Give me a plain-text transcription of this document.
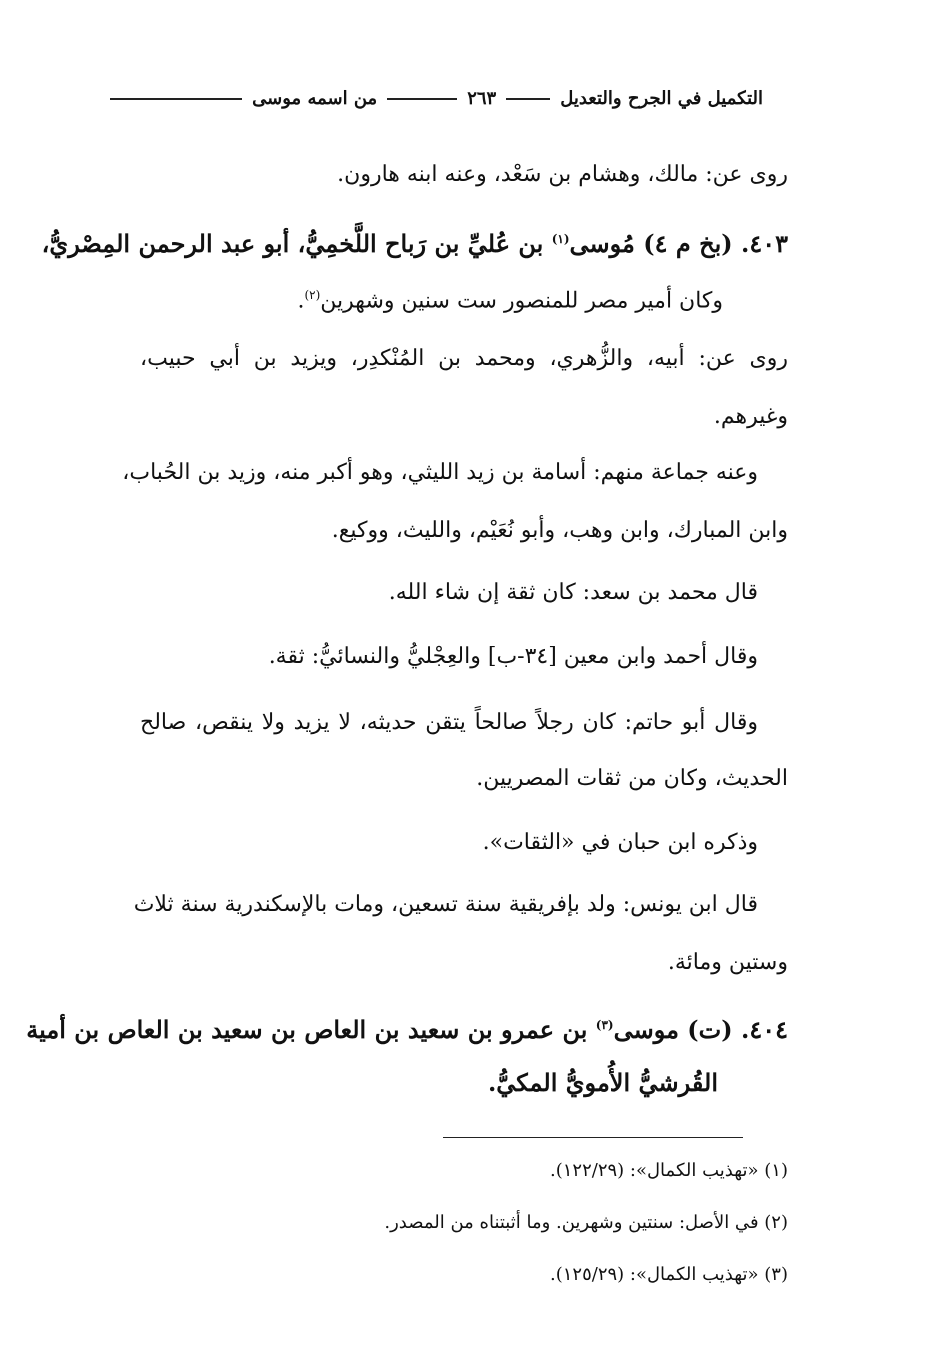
التكميل في الجرح والتعديل
٢٦٣
من اسمه موسى
روى عن: مالك، وهشام بن سَعْد، وعنه ابنه هارون.
٤٠٣. (بخ م ٤) مُوسى$^{(١)}$ بن عُليِّ بن رَباح اللَّخمِيُّ، أبو عبد الرحمن المِصْريُّ،
وكان أمير مصر للمنصور ست سنين وشهرين$^{(٢)}$.
روى عن: أبيه، والزُّهري، ومحمد بن المُنْكدِر، ويزيد بن أبي حبيب،
وغيرهم.
وعنه جماعة منهم: أسامة بن زيد الليثي، وهو أكبر منه، وزيد بن الحُباب،
وابن المبارك، وابن وهب، وأبو نُعَيْم، والليث، ووكيع.
قال محمد بن سعد: كان ثقة إن شاء الله.
وقال أحمد وابن معين [٣٤-ب] والعِجْليُّ والنسائيُّ: ثقة.
وقال أبو حاتم: كان رجلاً صالحاً يتقن حديثه، لا يزيد ولا ينقص، صالح
الحديث، وكان من ثقات المصريين.
وذكره ابن حبان في «الثقات».
قال ابن يونس: ولد بإفريقية سنة تسعين، ومات بالإسكندرية سنة ثلاث
وستين ومائة.
٤٠٤. (ت) موسى$^{(٣)}$ بن عمرو بن سعيد بن العاص بن سعيد بن العاص بن أمية
القُرشيُّ الأُمويُّ المكيُّ.
(١) «تهذيب الكمال»: (١٢٢/٢٩).
(٢) في الأصل: سنتين وشهرين. وما أثبتناه من المصدر.
(٣) «تهذيب الكمال»: (١٢٥/٢٩).
